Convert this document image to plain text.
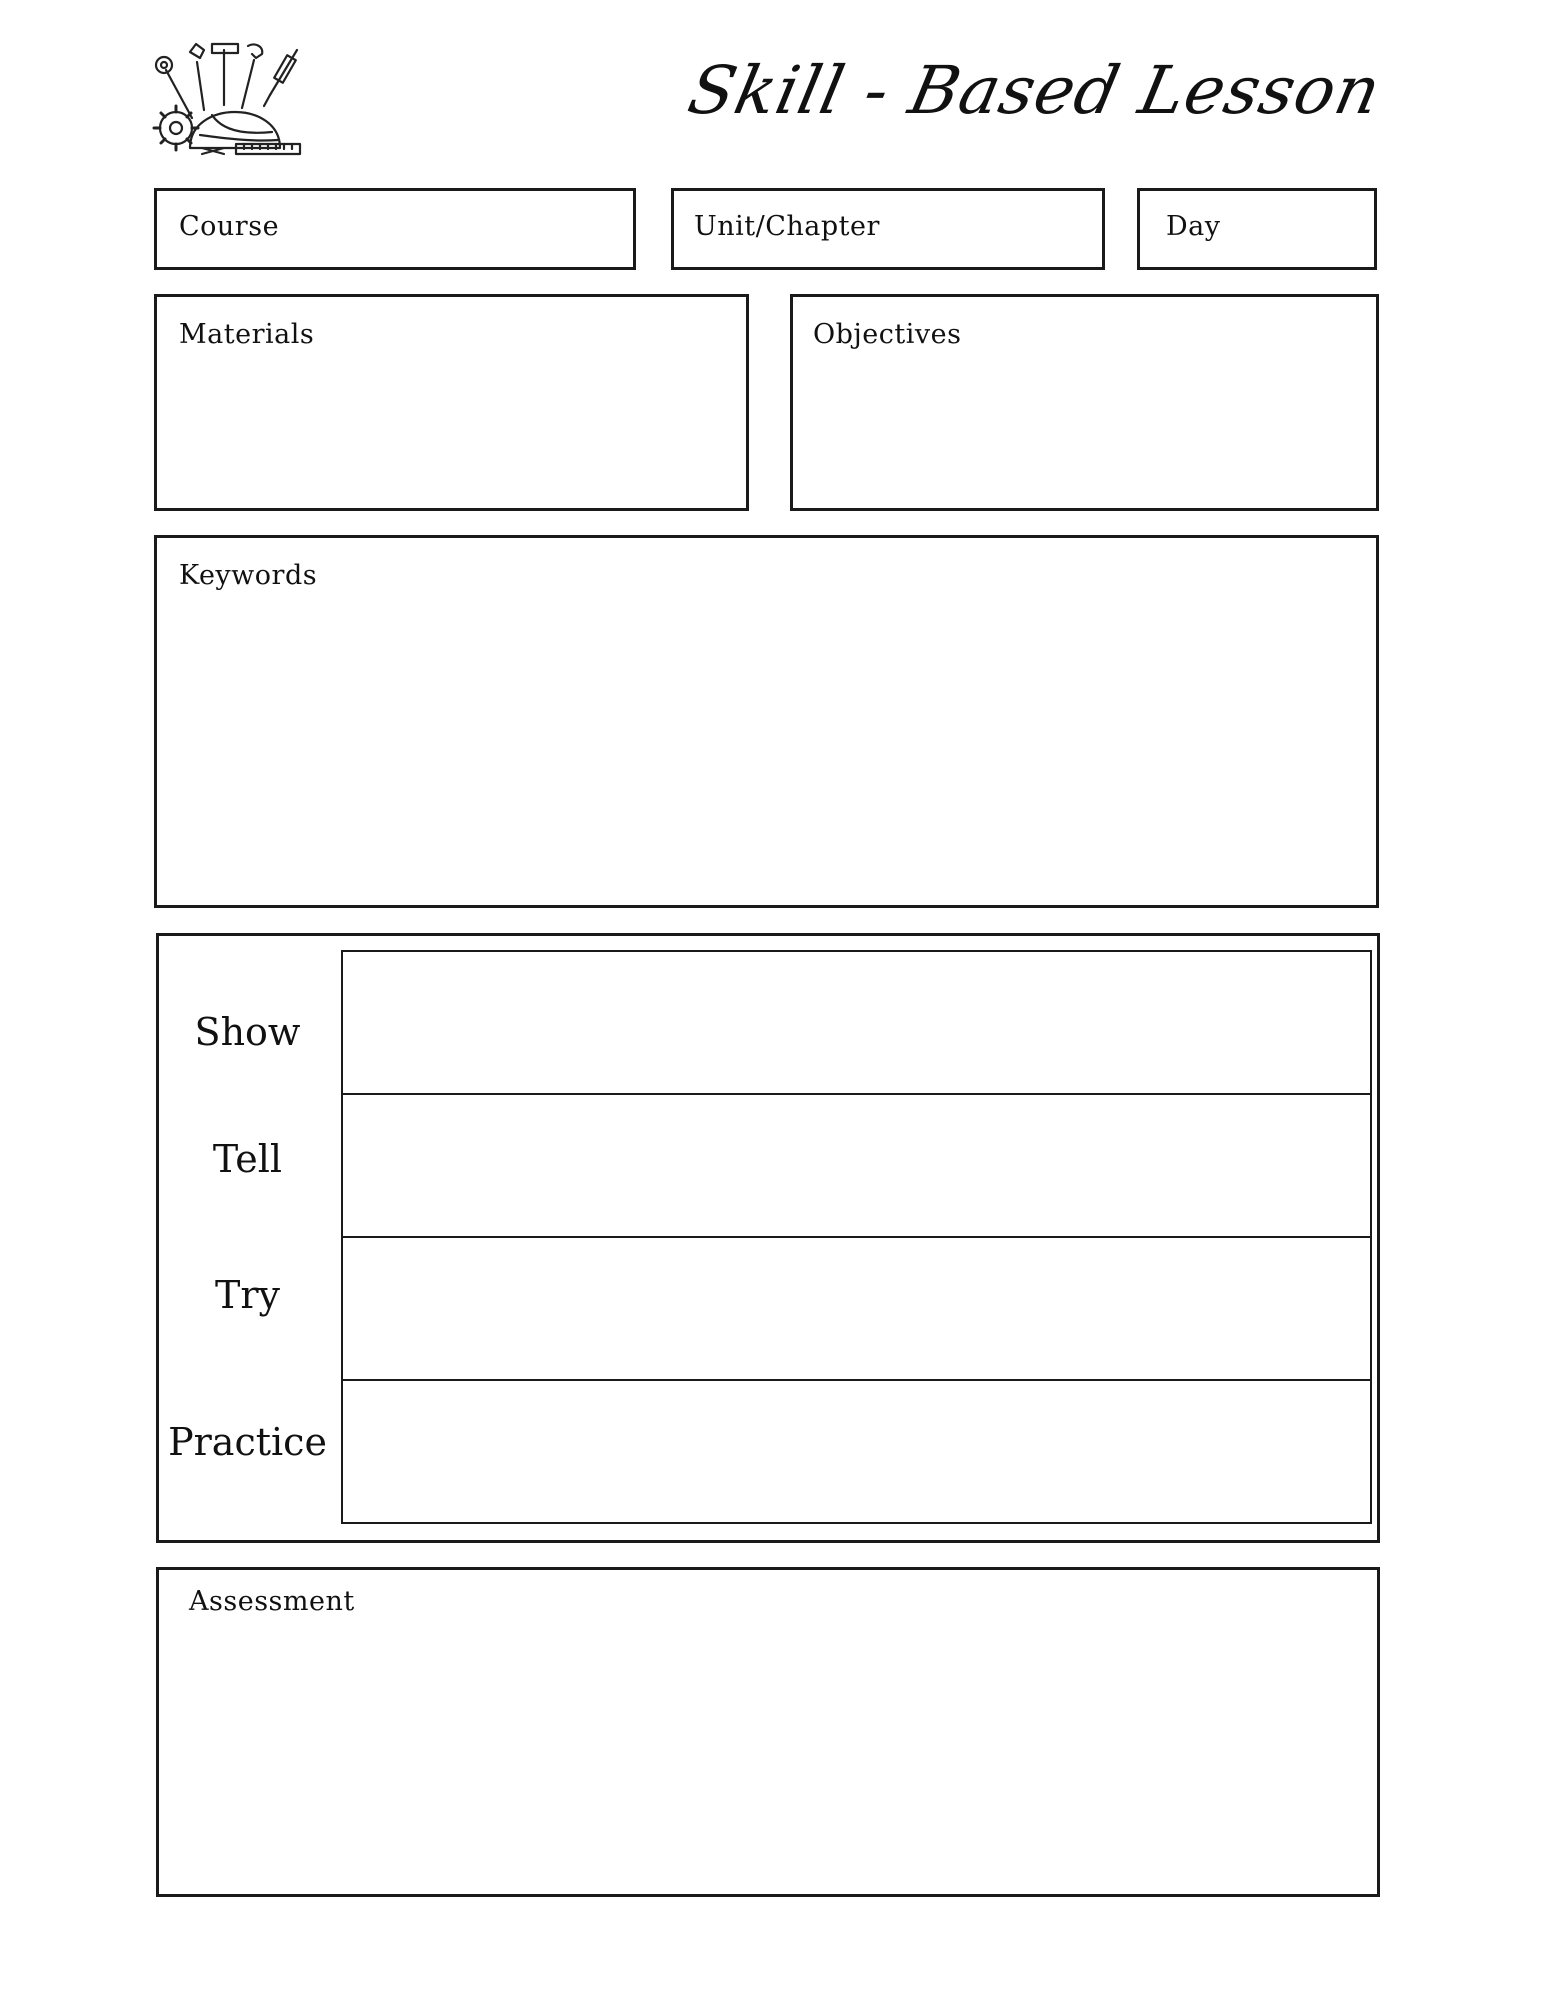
Skill - Based Lesson
Course	Unit/Chapter	Day
Materials	Objectives
Keywords
Show
Tell
Try
Practice
Assessment
